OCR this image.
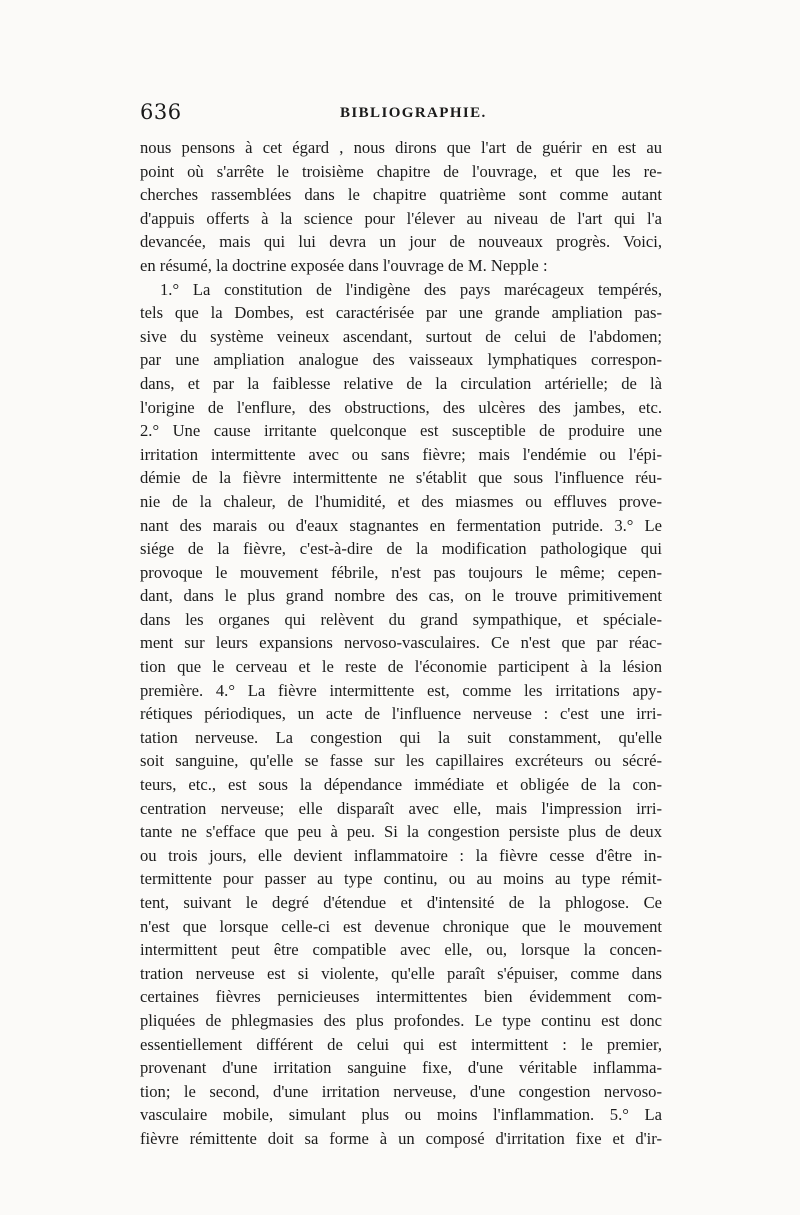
636	BIBLIOGRAPHIE.
nous pensons à cet égard , nous dirons que l'art de guérir en est au
point où s'arrête le troisième chapitre de l'ouvrage, et que les re-
cherches rassemblées dans le chapitre quatrième sont comme autant
d'appuis offerts à la science pour l'élever au niveau de l'art qui l'a
devancée, mais qui lui devra un jour de nouveaux progrès. Voici,
en résumé, la doctrine exposée dans l'ouvrage de M. Nepple :
1.° La constitution de l'indigène des pays marécageux tempérés,
tels que la Dombes, est caractérisée par une grande ampliation pas-
sive du système veineux ascendant, surtout de celui de l'abdomen;
par une ampliation analogue des vaisseaux lymphatiques correspon-
dans, et par la faiblesse relative de la circulation artérielle; de là
l'origine de l'enflure, des obstructions, des ulcères des jambes, etc.
2.° Une cause irritante quelconque est susceptible de produire une
irritation intermittente avec ou sans fièvre; mais l'endémie ou l'épi-
démie de la fièvre intermittente ne s'établit que sous l'influence réu-
nie de la chaleur, de l'humidité, et des miasmes ou effluves prove-
nant des marais ou d'eaux stagnantes en fermentation putride. 3.° Le
siége de la fièvre, c'est-à-dire de la modification pathologique qui
provoque le mouvement fébrile, n'est pas toujours le même; cepen-
dant, dans le plus grand nombre des cas, on le trouve primitivement
dans les organes qui relèvent du grand sympathique, et spéciale-
ment sur leurs expansions nervoso-vasculaires. Ce n'est que par réac-
tion que le cerveau et le reste de l'économie participent à la lésion
première. 4.° La fièvre intermittente est, comme les irritations apy-
rétiques périodiques, un acte de l'influence nerveuse : c'est une irri-
tation nerveuse. La congestion qui la suit constamment, qu'elle
soit sanguine, qu'elle se fasse sur les capillaires excréteurs ou sécré-
teurs, etc., est sous la dépendance immédiate et obligée de la con-
centration nerveuse; elle disparaît avec elle, mais l'impression irri-
tante ne s'efface que peu à peu. Si la congestion persiste plus de deux
ou trois jours, elle devient inflammatoire : la fièvre cesse d'être in-
termittente pour passer au type continu, ou au moins au type rémit-
tent, suivant le degré d'étendue et d'intensité de la phlogose. Ce
n'est que lorsque celle-ci est devenue chronique que le mouvement
intermittent peut être compatible avec elle, ou, lorsque la concen-
tration nerveuse est si violente, qu'elle paraît s'épuiser, comme dans
certaines fièvres pernicieuses intermittentes bien évidemment com-
pliquées de phlegmasies des plus profondes. Le type continu est donc
essentiellement différent de celui qui est intermittent : le premier,
provenant d'une irritation sanguine fixe, d'une véritable inflamma-
tion; le second, d'une irritation nerveuse, d'une congestion nervoso-
vasculaire mobile, simulant plus ou moins l'inflammation. 5.° La
fièvre rémittente doit sa forme à un composé d'irritation fixe et d'ir-
